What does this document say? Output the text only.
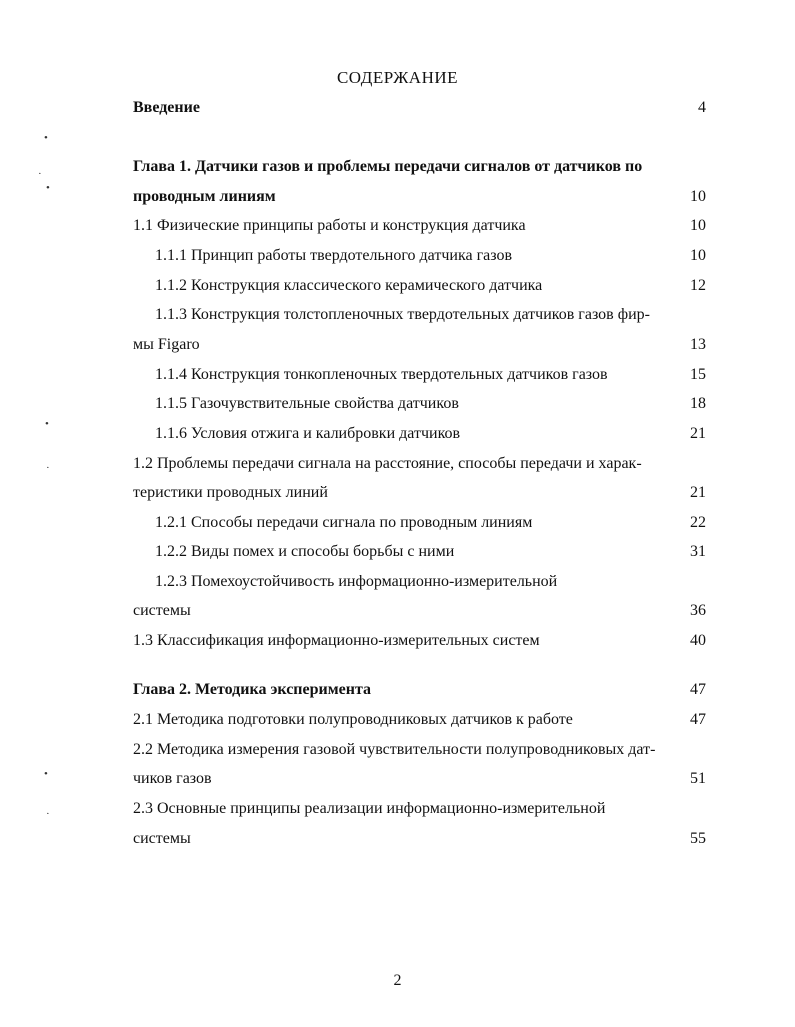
СОДЕРЖАНИЕ
Введение	4
Глава 1. Датчики газов и проблемы передачи сигналов от датчиков по
проводным линиям	10
1.1 Физические принципы работы и конструкция датчика	10
1.1.1 Принцип работы твердотельного датчика газов	10
1.1.2 Конструкция классического керамического датчика	12
1.1.3 Конструкция толстопленочных твердотельных датчиков газов фир-
мы Figaro	13
1.1.4 Конструкция тонкопленочных твердотельных датчиков газов	15
1.1.5 Газочувствительные свойства датчиков	18
1.1.6 Условия отжига и калибровки датчиков	21
1.2 Проблемы передачи сигнала на расстояние, способы передачи и харак-
теристики проводных линий	21
1.2.1 Способы передачи сигнала по проводным линиям	22
1.2.2 Виды помех и способы борьбы с ними	31
1.2.3 Помехоустойчивость информационно-измерительной
системы	36
1.3 Классификация информационно-измерительных систем	40
Глава 2. Методика эксперимента	47
2.1 Методика подготовки полупроводниковых датчиков к работе	47
2.2 Методика измерения газовой чувствительности полупроводниковых дат-
чиков газов	51
2.3 Основные принципы реализации информационно-измерительной
системы	55
2
•
·
•
•
·
•
·
